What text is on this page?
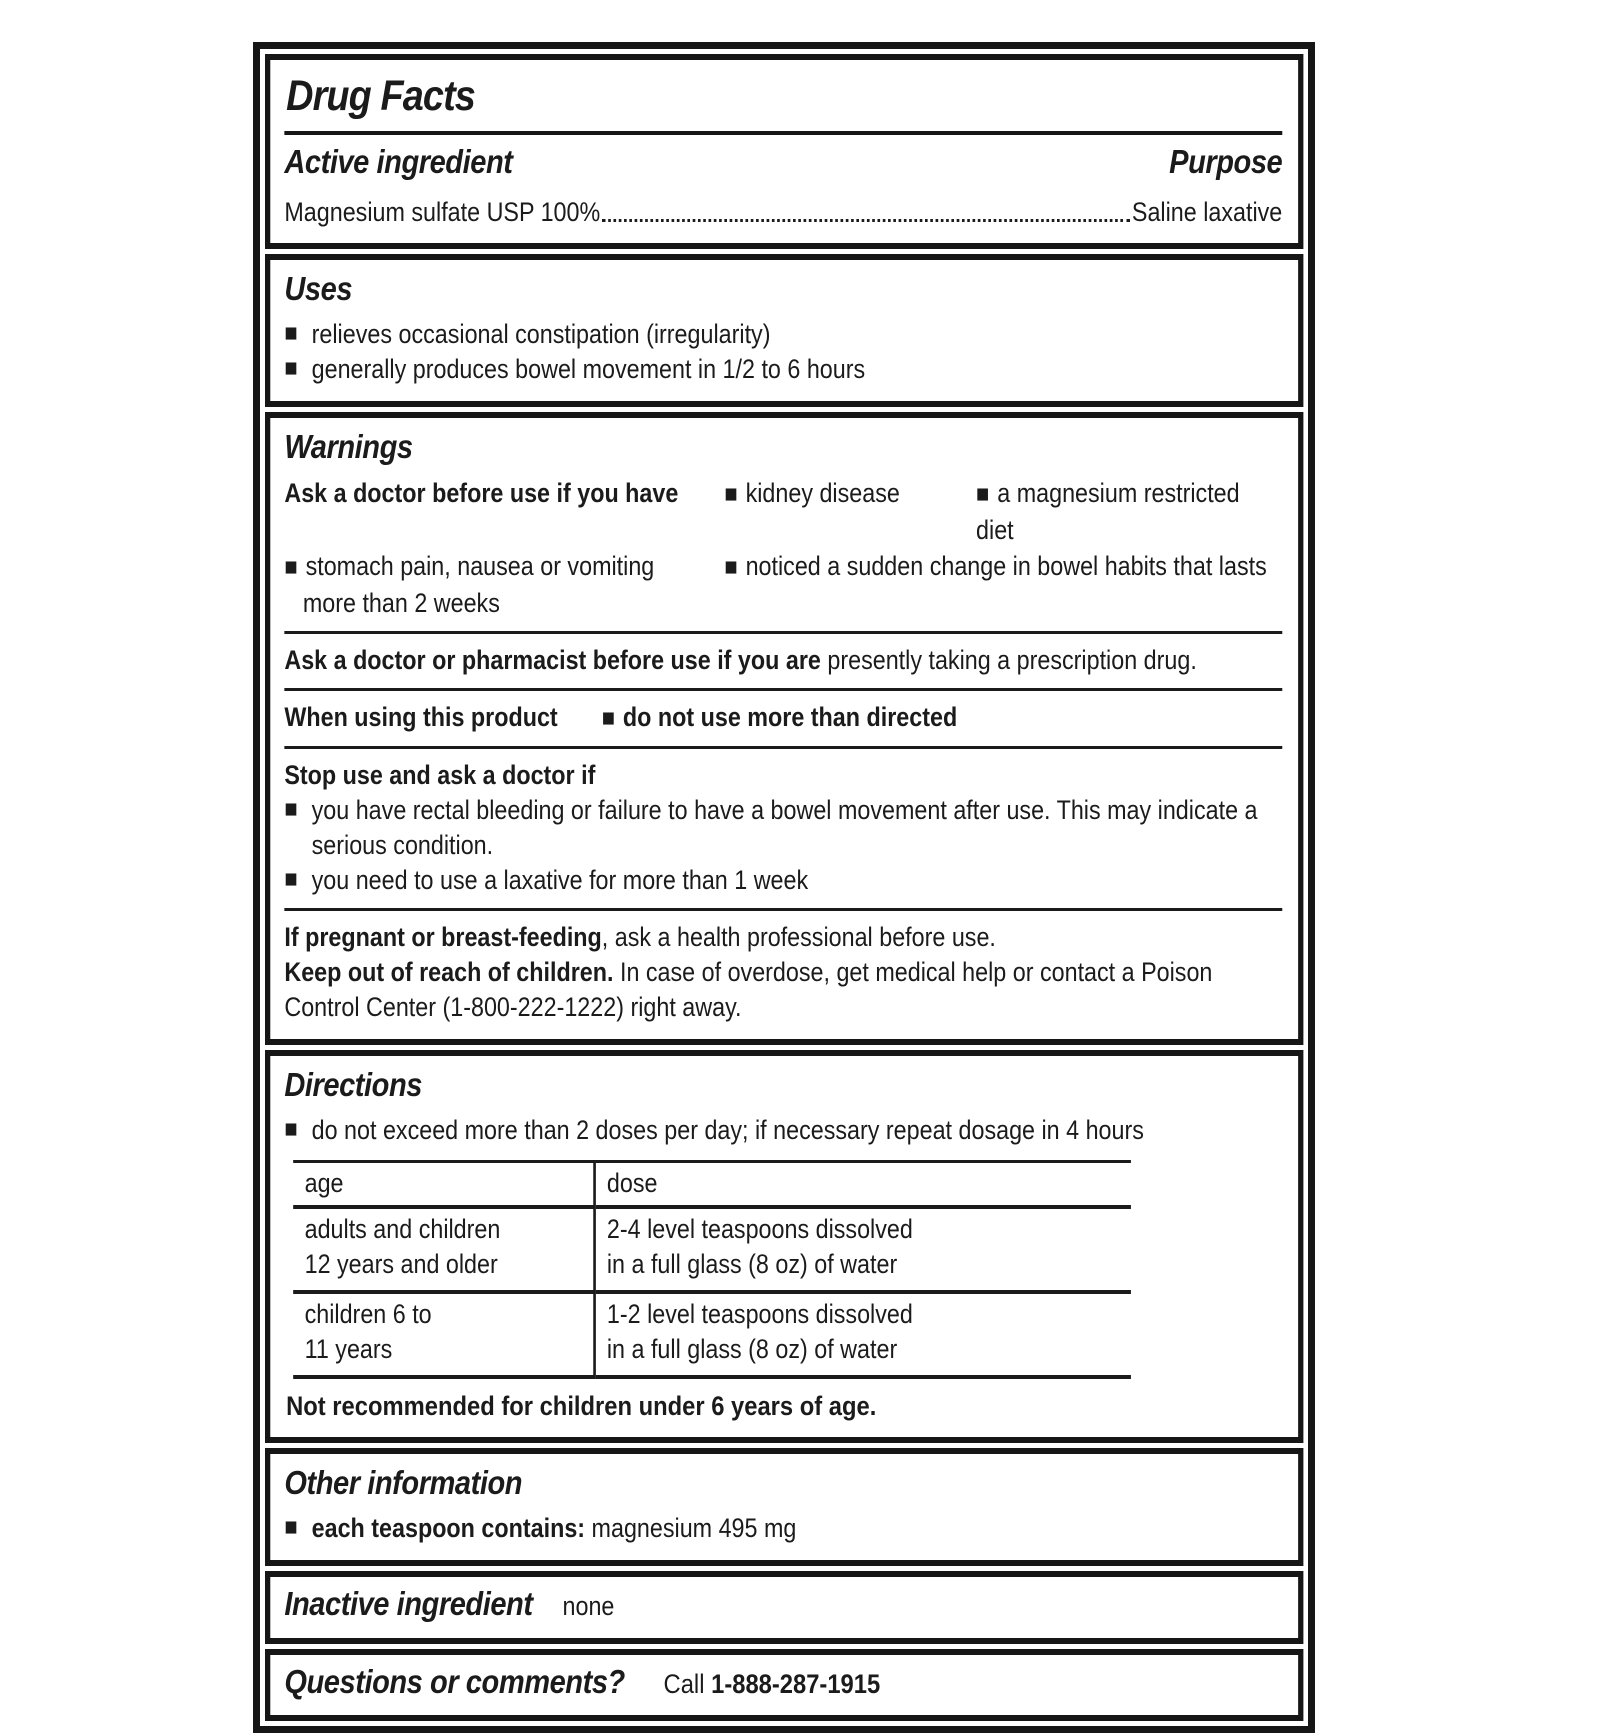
Drug Facts
Active ingredient	Purpose
Magnesium sulfate USP 100%	Saline laxative
Uses
■ relieves occasional constipation (irregularity)
■ generally produces bowel movement in 1/2 to 6 hours
Warnings
Ask a doctor before use if you have	■ kidney disease	■ a magnesium restricted diet
■ stomach pain, nausea or vomiting	■ noticed a sudden change in bowel habits that lasts
more than 2 weeks

Ask a doctor or pharmacist before use if you are presently taking a prescription drug.

When using this product	■ do not use more than directed

Stop use and ask a doctor if

■ you have rectal bleeding or failure to have a bowel movement after use. This may indicate a serious condition.
■ you need to use a laxative for more than 1 week

If pregnant or breast-feeding, ask a health professional before use.

Keep out of reach of children. In case of overdose, get medical help or contact a Poison Control Center (1-800-222-1222) right away.

Directions
■ do not exceed more than 2 doses per day; if necessary repeat dosage in 4 hours
age	dose

adults and children
12 years and older	2-4 level teaspoons dissolved
in a full glass (8 oz) of water

children 6 to
11 years	1-2 level teaspoons dissolved
in a full glass (8 oz) of water
Not recommended for children under 6 years of age.
Other information
■ each teaspoon contains: magnesium 495 mg
Inactive ingredient none
Questions or comments? Call 1-888-287-1915
